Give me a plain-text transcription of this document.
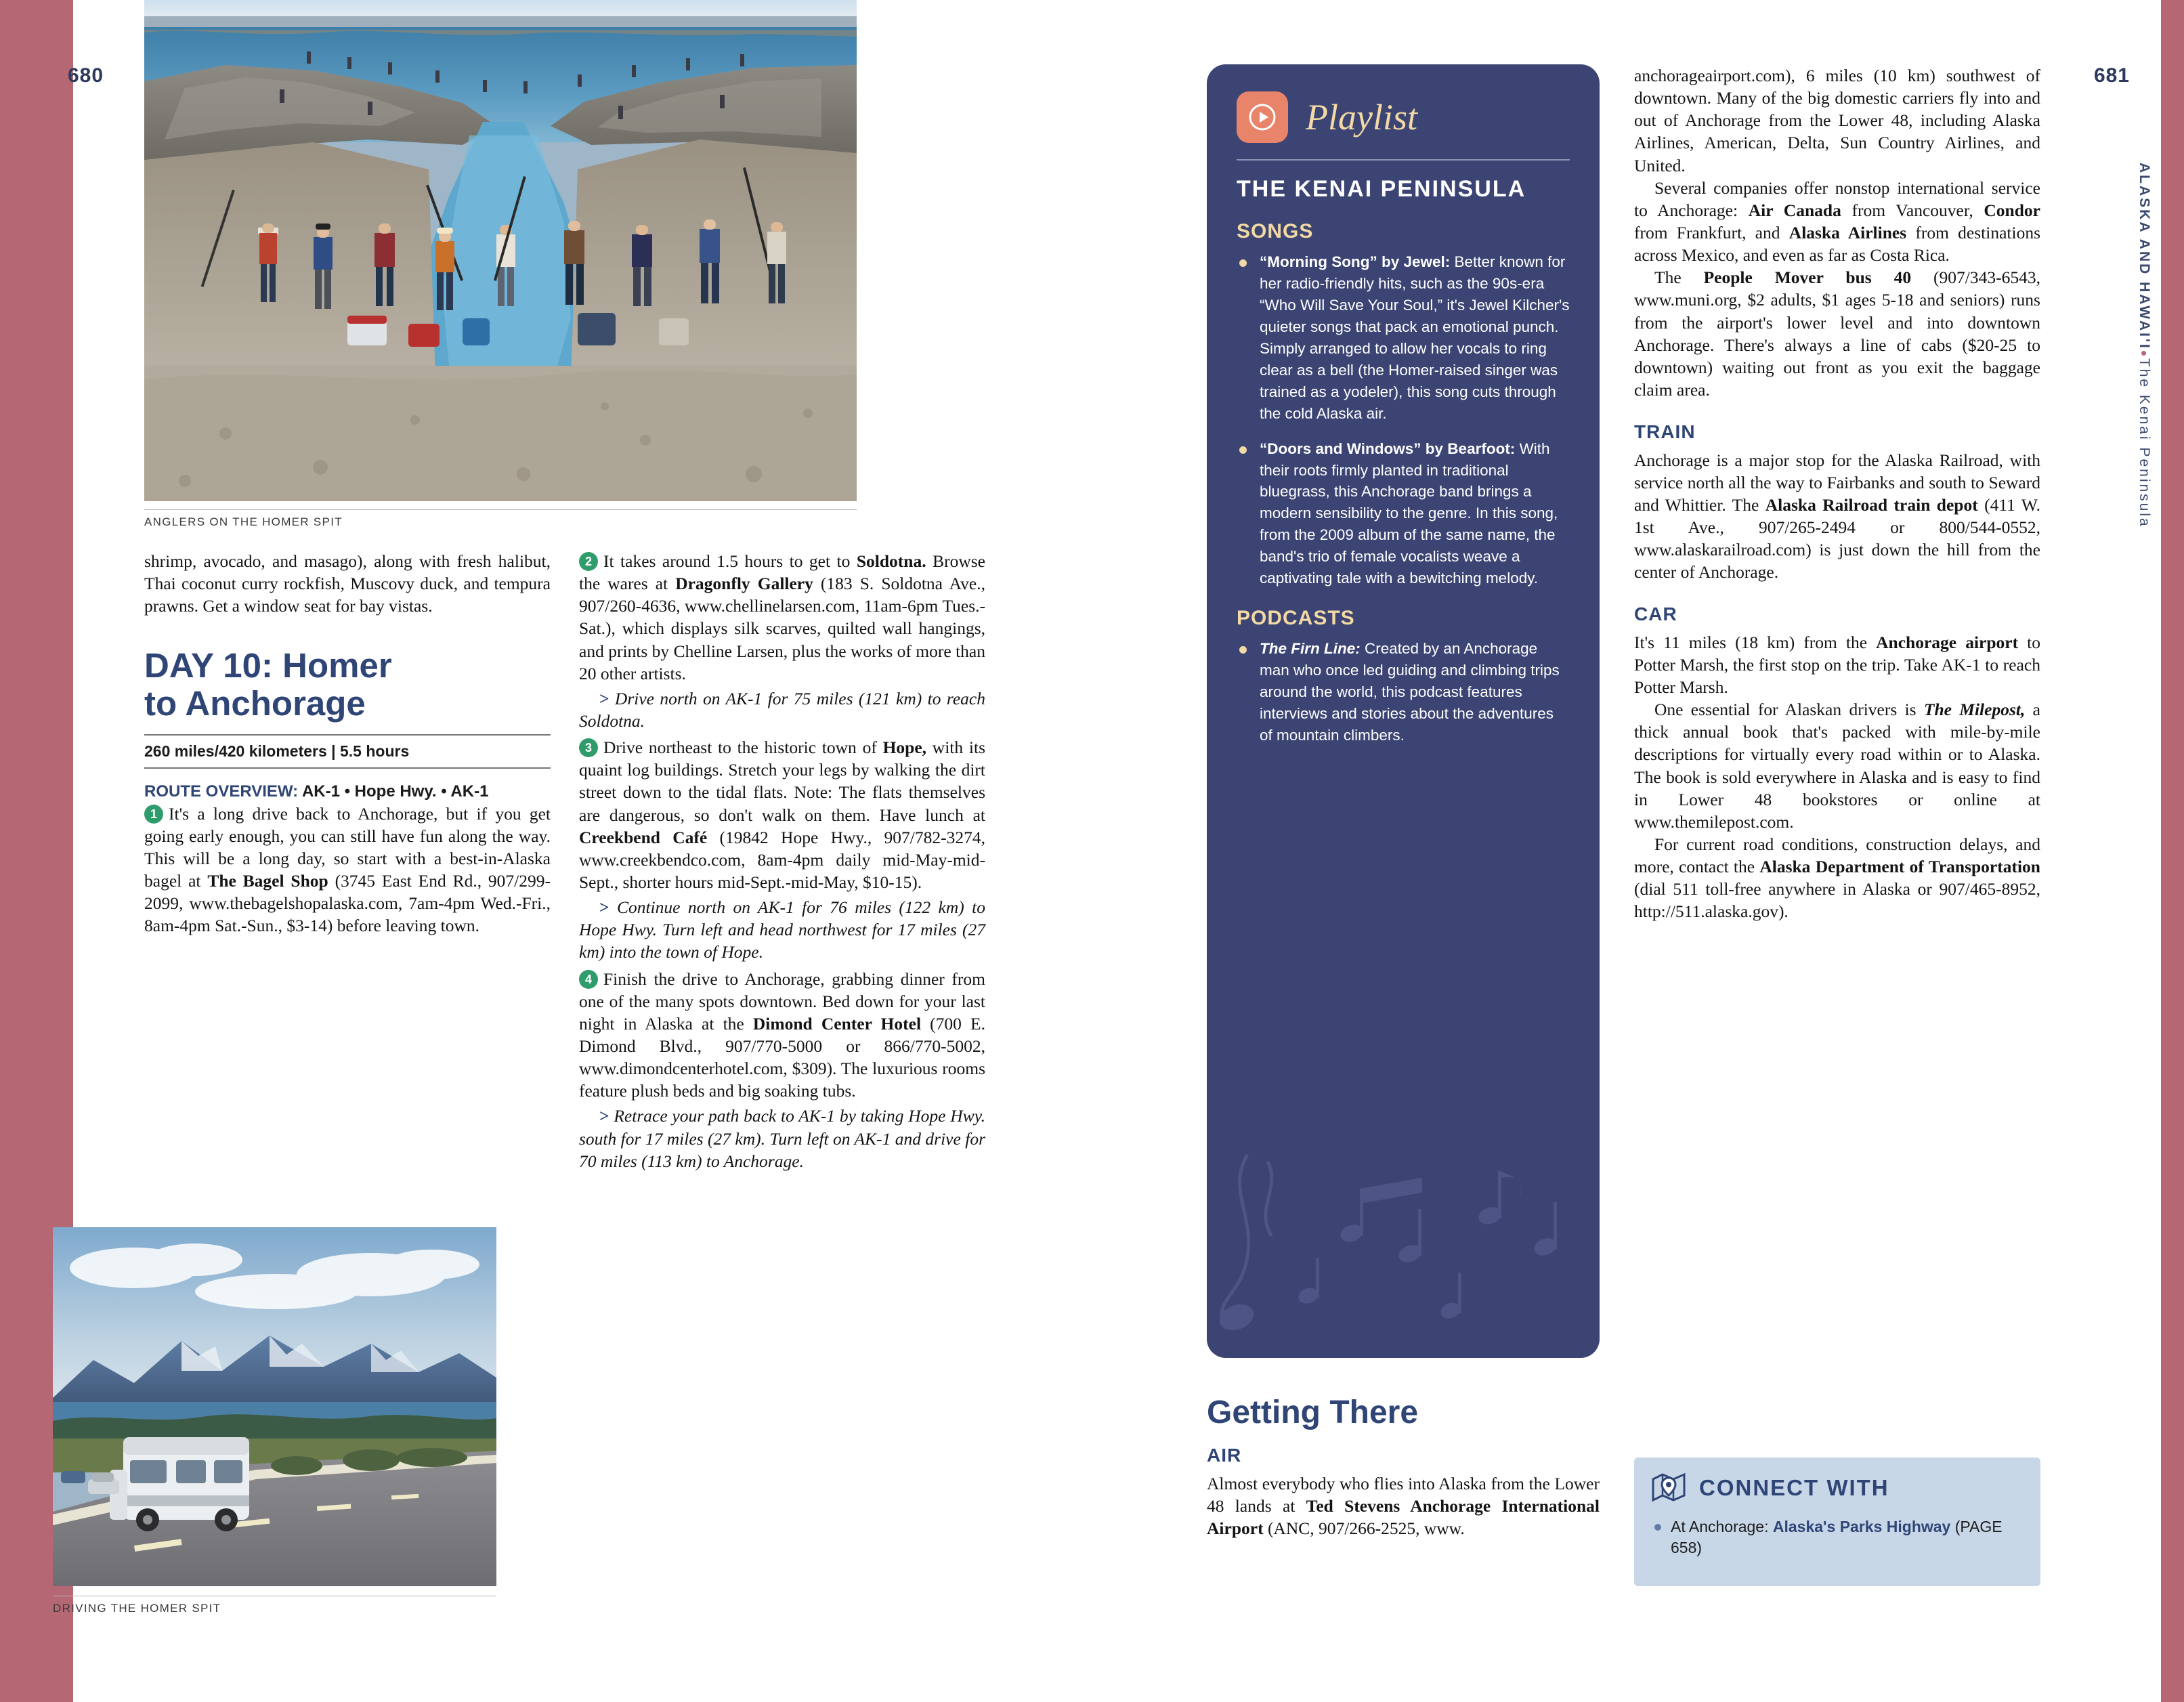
680	681
ALASKA AND HAWAI'I•The Kenai Peninsula
ANGLERS ON THE HOMER SPIT
DRIVING THE HOMER SPIT

shrimp, avocado, and masago), along with fresh halibut, Thai coconut curry rockfish, Muscovy duck, and tempura prawns. Get a window seat for bay vistas.

DAY 10: Homer
to Anchorage
260 miles/420 kilometers | 5.5 hours
ROUTE OVERVIEW: AK-1 • Hope Hwy. • AK-1

1 It's a long drive back to Anchorage, but if you get going early enough, you can still have fun along the way. This will be a long day, so start with a best-in-Alaska bagel at The Bagel Shop (3745 East End Rd., 907/299-2099, www.thebagelshopalaska.com, 7am-4pm Wed.-Fri., 8am-4pm Sat.-Sun., $3-14) before leaving town.

2 It takes around 1.5 hours to get to Soldotna. Browse the wares at Dragonfly Gallery (183 S. Soldotna Ave., 907/260-4636, www.chellinelarsen.com, 11am-6pm Tues.-Sat.), which displays silk scarves, quilted wall hangings, and prints by Chelline Larsen, plus the works of more than 20 other artists.

> Drive north on AK-1 for 75 miles (121 km) to reach Soldotna.

3 Drive northeast to the historic town of Hope, with its quaint log buildings. Stretch your legs by walking the dirt street down to the tidal flats. Note: The flats themselves are dangerous, so don't walk on them. Have lunch at Creekbend Café (19842 Hope Hwy., 907/782-3274, www.creekbendco.com, 8am-4pm daily mid-May-mid-Sept., shorter hours mid-Sept.-mid-May, $10-15).

> Continue north on AK-1 for 76 miles (122 km) to Hope Hwy. Turn left and head northwest for 17 miles (27 km) into the town of Hope.

4 Finish the drive to Anchorage, grabbing dinner from one of the many spots downtown. Bed down for your last night in Alaska at the Dimond Center Hotel (700 E. Dimond Blvd., 907/770-5000 or 866/770-5002, www.dimondcenterhotel.com, $309). The luxurious rooms feature plush beds and big soaking tubs.

> Retrace your path back to AK-1 by taking Hope Hwy. south for 17 miles (27 km). Turn left on AK-1 and drive for 70 miles (113 km) to Anchorage.
Playlist
THE KENAI PENINSULA
SONGS
“Morning Song” by Jewel: Better known for her radio-friendly hits, such as the 90s-era “Who Will Save Your Soul,” it's Jewel Kilcher's quieter songs that pack an emotional punch. Simply arranged to allow her vocals to ring clear as a bell (the Homer-raised singer was trained as a yodeler), this song cuts through the cold Alaska air.
“Doors and Windows” by Bearfoot: With their roots firmly planted in traditional bluegrass, this Anchorage band brings a modern sensibility to the genre. In this song, from the 2009 album of the same name, the band's trio of female vocalists weave a captivating tale with a bewitching melody.
PODCASTS
The Firn Line: Created by an Anchorage man who once led guiding and climbing trips around the world, this podcast features interviews and stories about the adventures of mountain climbers.
Getting There
AIR

Almost everybody who flies into Alaska from the Lower 48 lands at Ted Stevens Anchorage International Airport (ANC, 907/266-2525, www.

anchorageairport.com), 6 miles (10 km) southwest of downtown. Many of the big domestic carriers fly into and out of Anchorage from the Lower 48, including Alaska Airlines, American, Delta, Sun Country Airlines, and United.

Several companies offer nonstop international service to Anchorage: Air Canada from Vancouver, Condor from Frankfurt, and Alaska Airlines from destinations across Mexico, and even as far as Costa Rica.

The People Mover bus 40 (907/343-6543, www.muni.org, $2 adults, $1 ages 5-18 and seniors) runs from the airport's lower level and into downtown Anchorage. There's always a line of cabs ($20-25 to downtown) waiting out front as you exit the baggage claim area.

TRAIN

Anchorage is a major stop for the Alaska Railroad, with service north all the way to Fairbanks and south to Seward and Whittier. The Alaska Railroad train depot (411 W. 1st Ave., 907/265-2494 or 800/544-0552, www.alaskarailroad.com) is just down the hill from the center of Anchorage.

CAR

It's 11 miles (18 km) from the Anchorage airport to Potter Marsh, the first stop on the trip. Take AK-1 to reach Potter Marsh.

One essential for Alaskan drivers is The Milepost, a thick annual book that's packed with mile-by-mile descriptions for virtually every road within or to Alaska. The book is sold everywhere in Alaska and is easy to find in Lower 48 bookstores or online at www.themilepost.com.

For current road conditions, construction delays, and more, contact the Alaska Department of Transportation (dial 511 toll-free anywhere in Alaska or 907/465-8952, http://511.alaska.gov).

CONNECT WITH
At Anchorage: Alaska's Parks Highway (PAGE 658)
